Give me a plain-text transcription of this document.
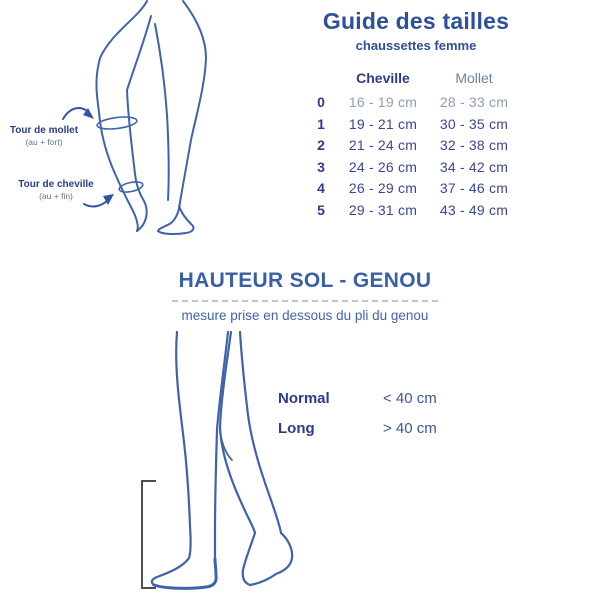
Tour de mollet
(au + fort)
Tour de cheville
(au + fin)
Guide des tailles
chaussettes femme
Cheville	Mollet
0	16 - 19 cm	28 - 33 cm
1	19 - 21 cm	30 - 35 cm
2	21 - 24 cm	32 - 38 cm
3	24 - 26 cm	34 - 42 cm
4	26 - 29 cm	37 - 46 cm
5	29 - 31 cm	43 - 49 cm
HAUTEUR SOL - GENOU
mesure prise en dessous du pli du genou
Normal	< 40 cm
Long	> 40 cm
